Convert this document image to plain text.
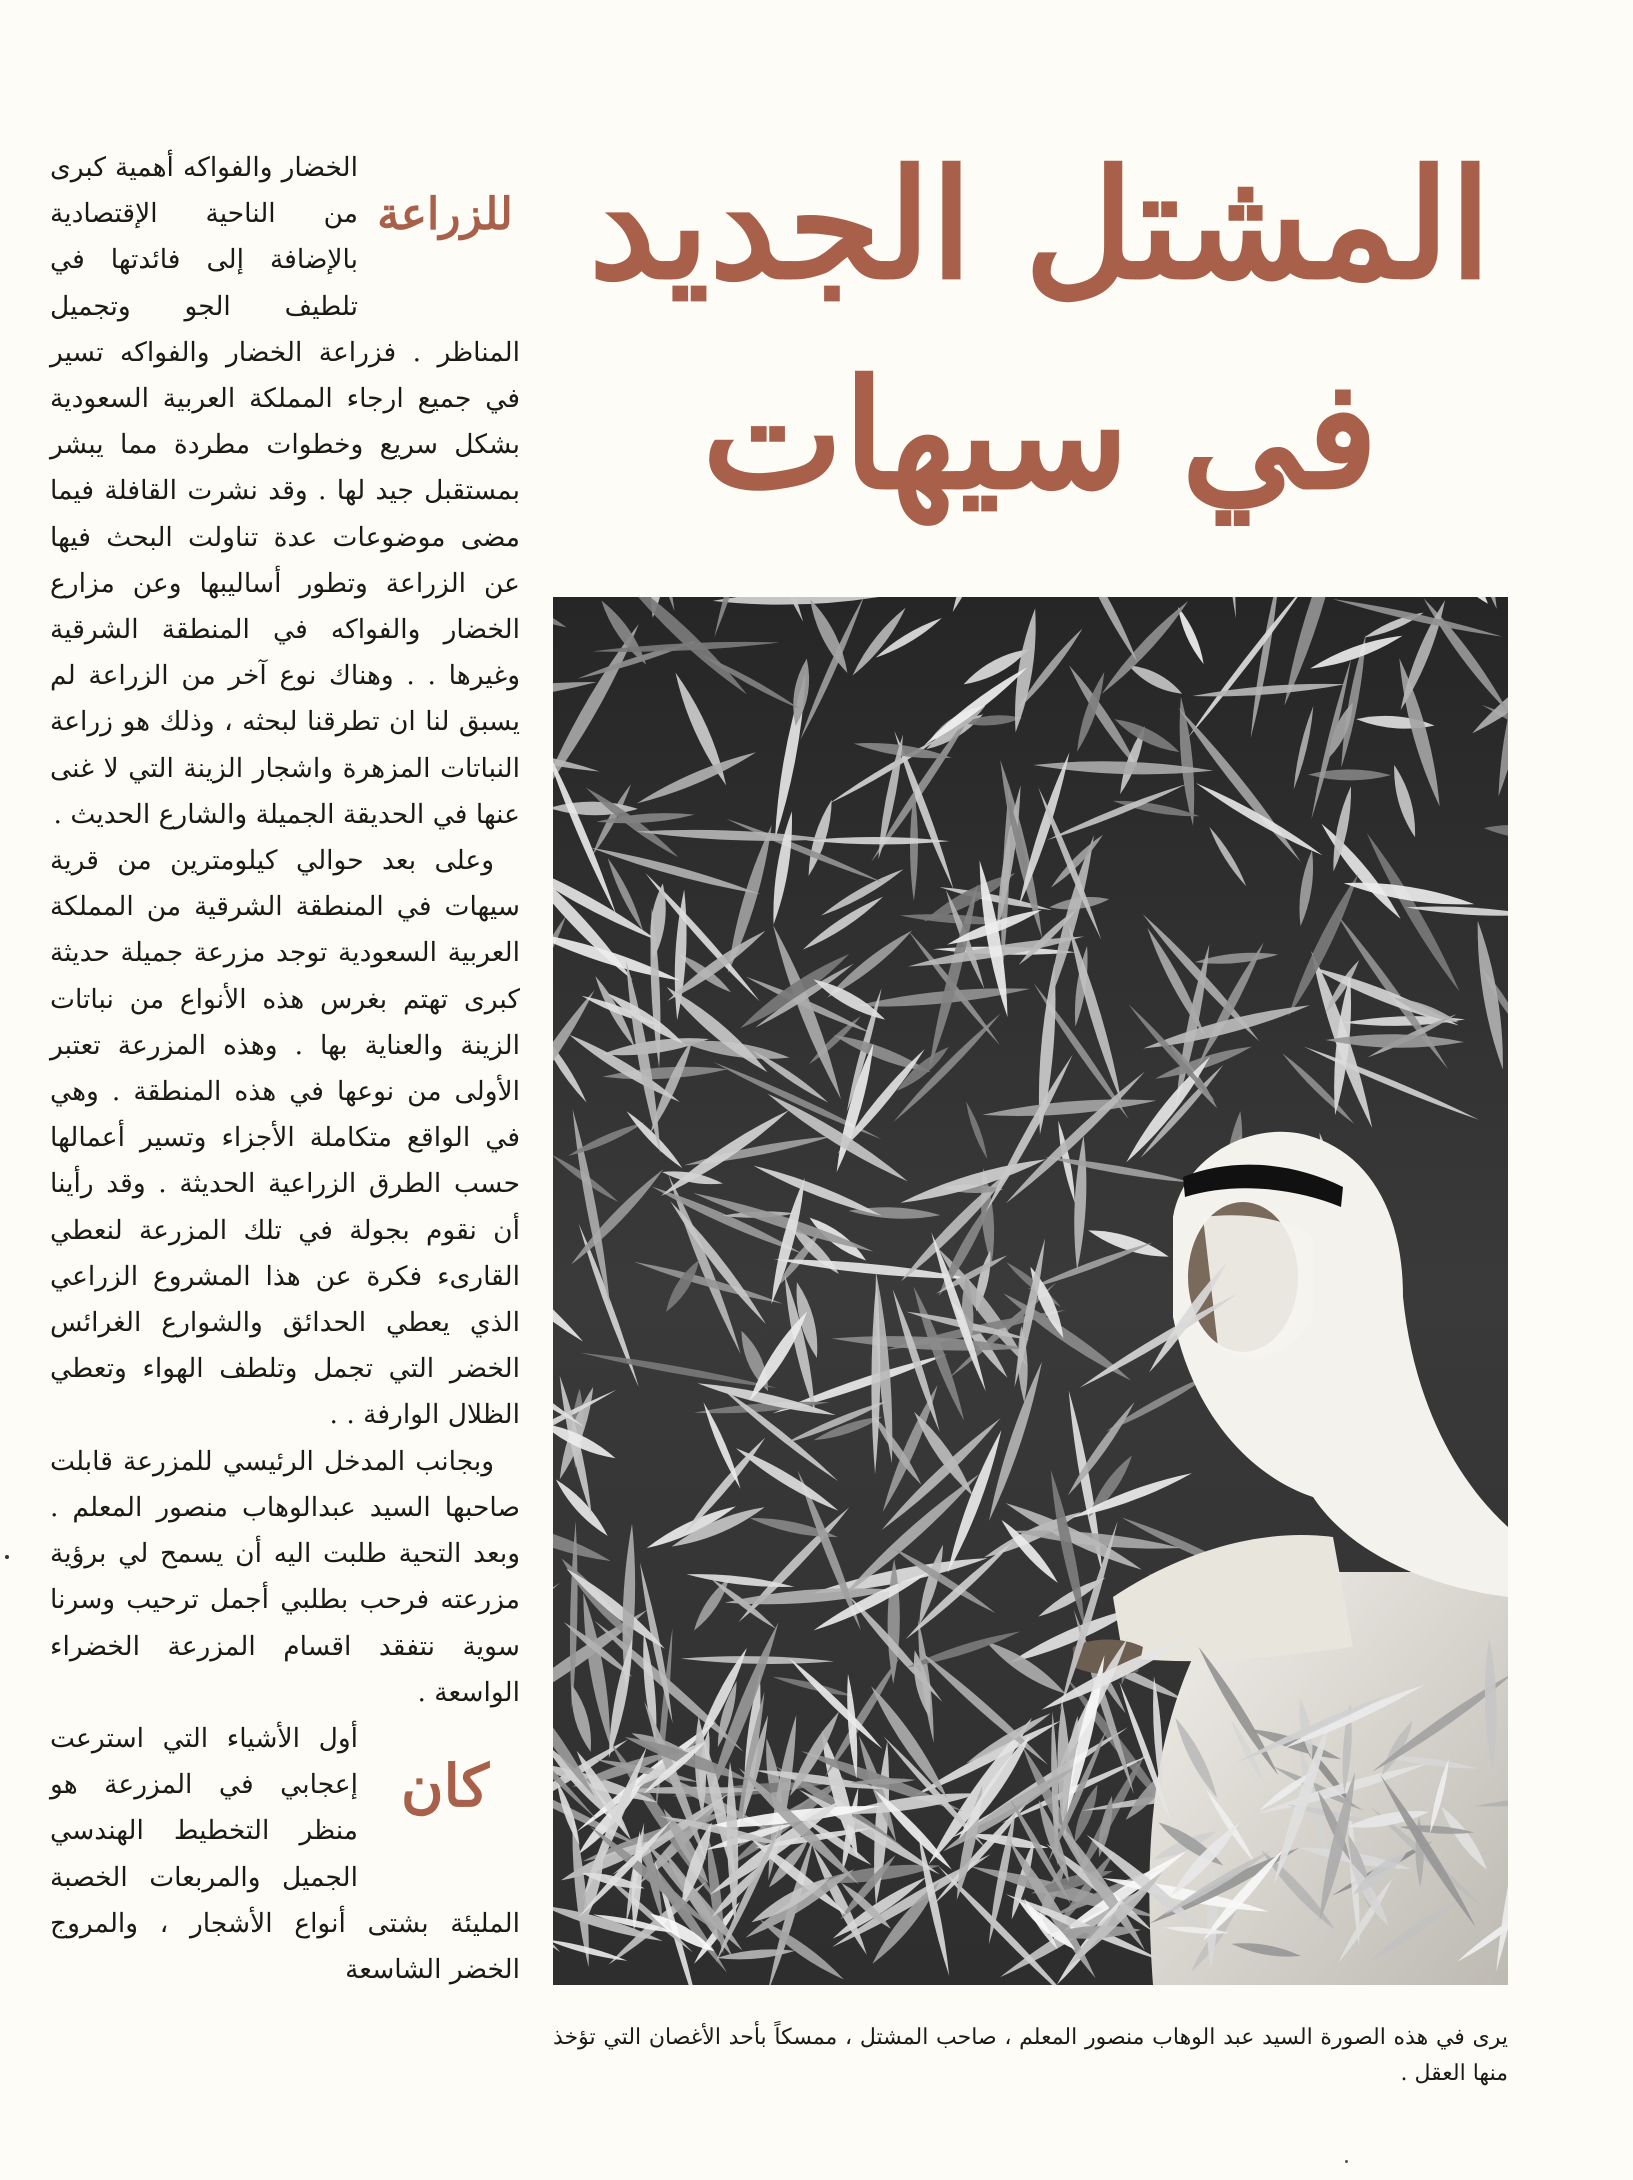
المشتل الجديد
في سيهات
يرى في هذه الصورة السيد عبد الوهاب منصور المعلم ، صاحب المشتل ، ممسكاً بأحد الأغصان التي تؤخذ منها العقل .

للزراعة
الخضار والفواكه أهمية كبرى من الناحية الإقتصادية بالإضافة إلى فائدتها في تلطيف الجو وتجميل المناظر . فزراعة الخضار والفواكه تسير في جميع ارجاء المملكة العربية السعودية بشكل سريع وخطوات مطردة مما يبشر بمستقبل جيد لها . وقد نشرت القافلة فيما مضى موضوعات عدة تناولت البحث فيها عن الزراعة وتطور أساليبها وعن مزارع الخضار والفواكه في المنطقة الشرقية وغيرها . . وهناك نوع آخر من الزراعة لم يسبق لنا ان تطرقنا لبحثه ، وذلك هو زراعة النباتات المزهرة واشجار الزينة التي لا غنى عنها في الحديقة الجميلة والشارع الحديث .

وعلى بعد حوالي كيلومترين من قرية سيهات في المنطقة الشرقية من المملكة العربية السعودية توجد مزرعة جميلة حديثة كبرى تهتم بغرس هذه الأنواع من نباتات الزينة والعناية بها . وهذه المزرعة تعتبر الأولى من نوعها في هذه المنطقة . وهي في الواقع متكاملة الأجزاء وتسير أعمالها حسب الطرق الزراعية الحديثة . وقد رأينا أن نقوم بجولة في تلك المزرعة لنعطي القارىء فكرة عن هذا المشروع الزراعي الذي يعطي الحدائق والشوارع الغرائس الخضر التي تجمل وتلطف الهواء وتعطي الظلال الوارفة . .

وبجانب المدخل الرئيسي للمزرعة قابلت صاحبها السيد عبدالوهاب منصور المعلم . وبعد التحية طلبت اليه أن يسمح لي برؤية مزرعته فرحب بطلبي أجمل ترحيب وسرنا سوية نتفقد اقسام المزرعة الخضراء الواسعة .

كان
أول الأشياء التي استرعت إعجابي في المزرعة هو منظر التخطيط الهندسي الجميل والمربعات الخصبة المليئة بشتى أنواع الأشجار ، والمروج الخضر الشاسعة
